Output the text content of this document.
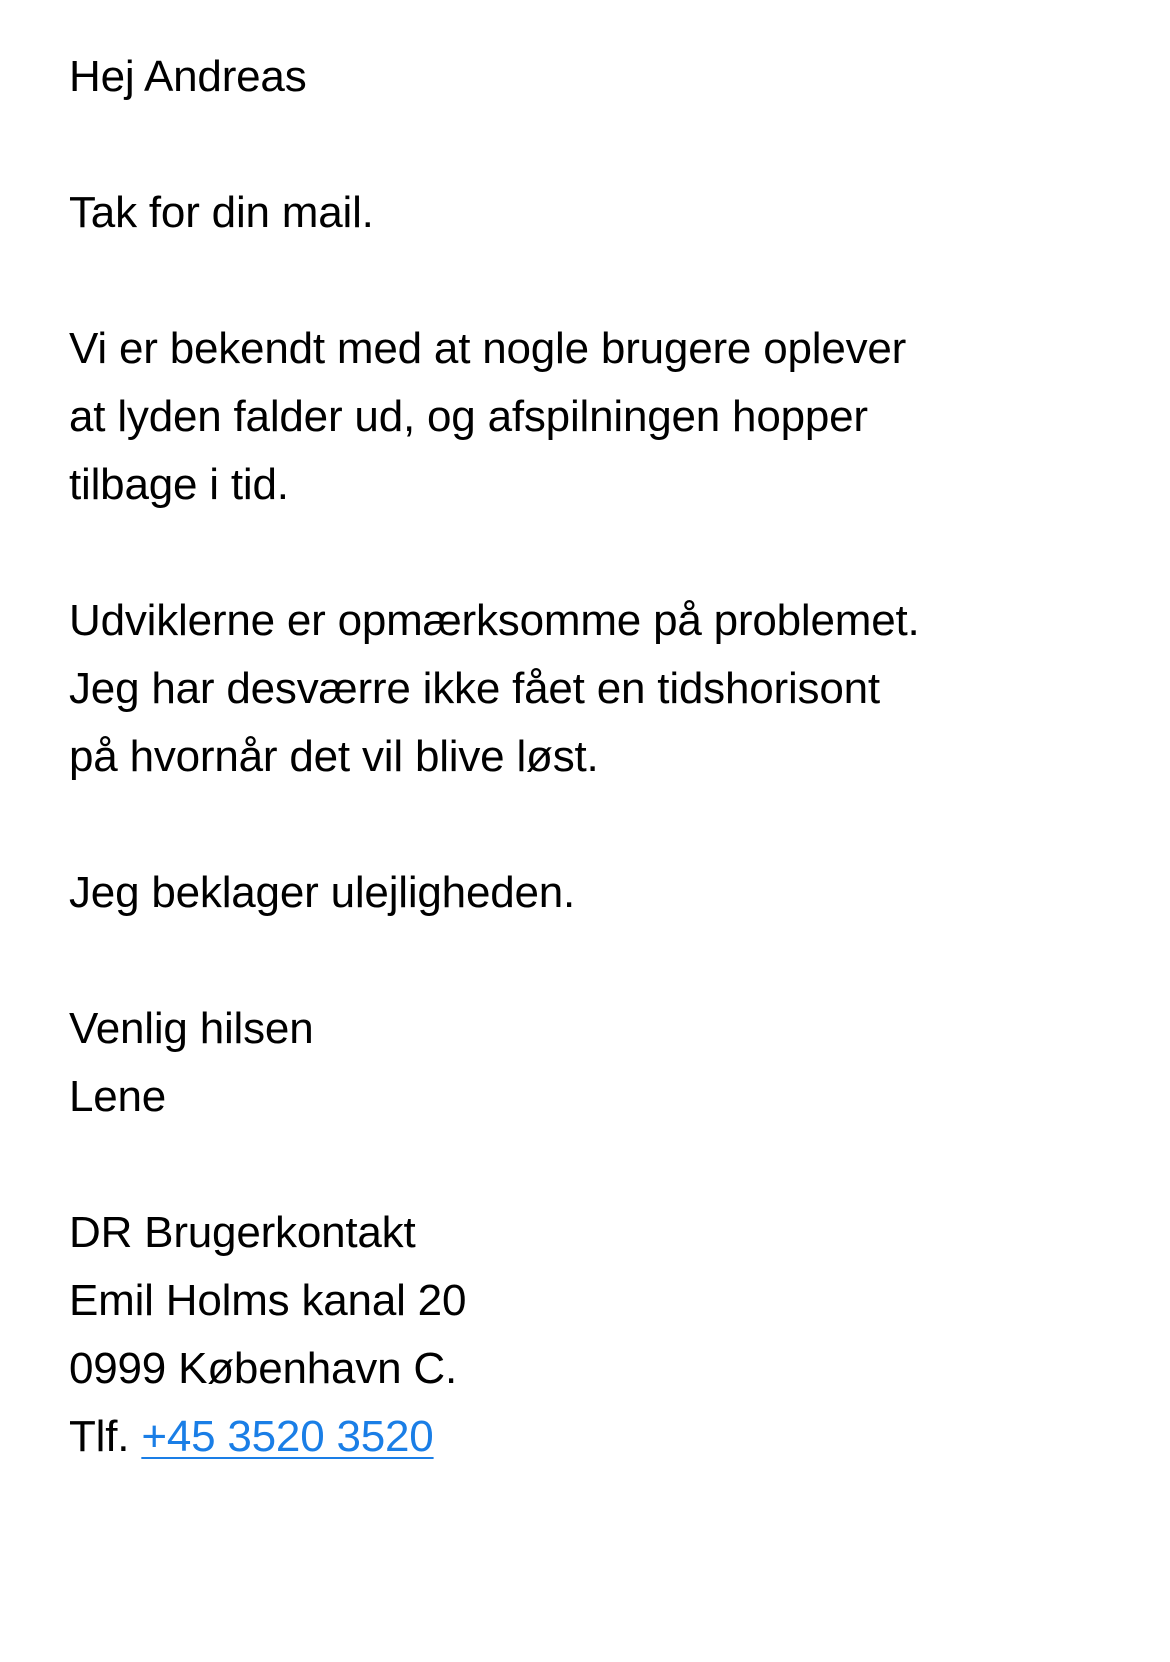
Hej Andreas

Tak for din mail.

Vi er bekendt med at nogle brugere oplever
at lyden falder ud, og afspilningen hopper
tilbage i tid.

Udviklerne er opmærksomme på problemet.
Jeg har desværre ikke fået en tidshorisont
på hvornår det vil blive løst.

Jeg beklager ulejligheden.

Venlig hilsen
Lene

DR Brugerkontakt
Emil Holms kanal 20
0999 København C.
Tlf. +45 3520 3520
